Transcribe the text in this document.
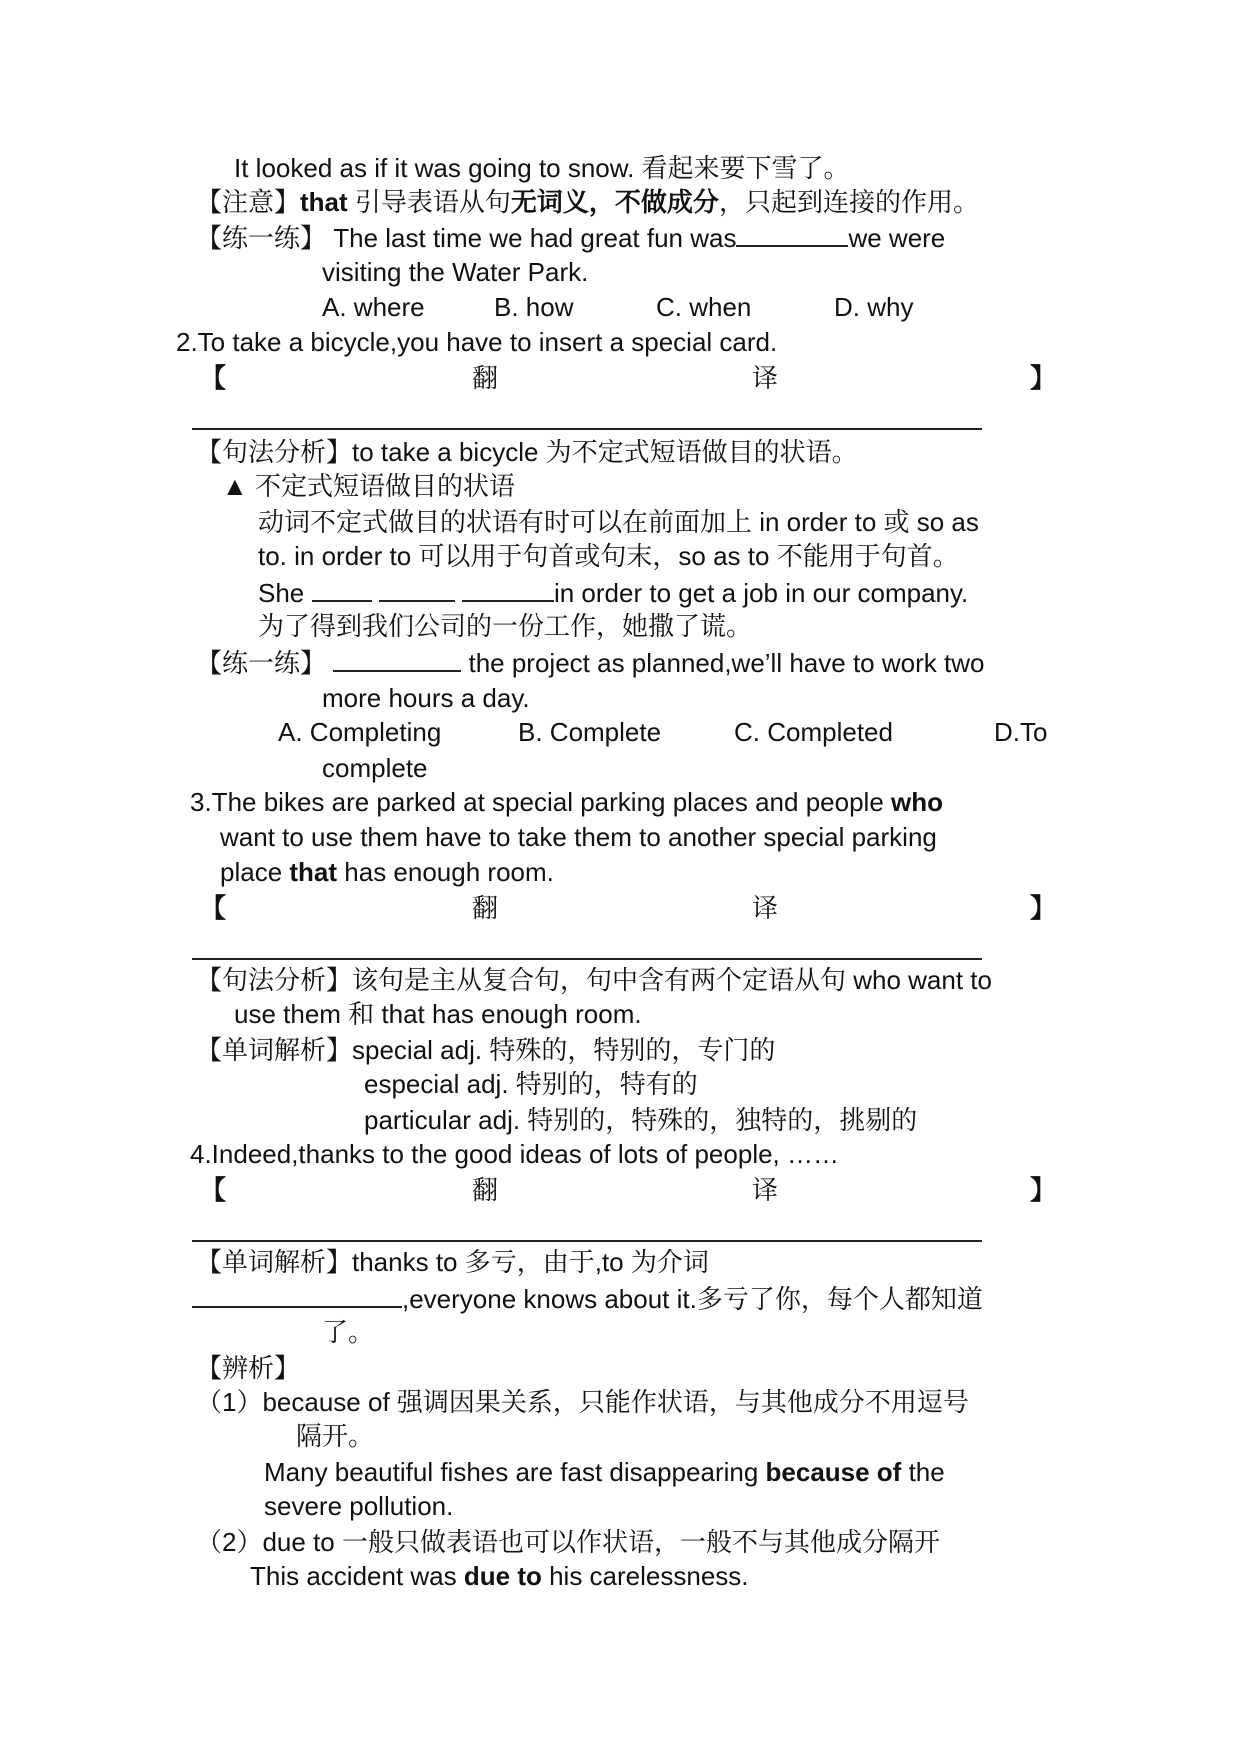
It looked as if it was going to snow. 看起来要下雪了。
【注意】that 引导表语从句无词义，不做成分，只起到连接的作用。
【练一练】 The last time we had great fun was	we were
visiting the Water Park.
A. where	B. how	C. when	D. why
2.To take a bicycle,you have to insert a special card.
【	翻	译	】
【句法分析】to take a bicycle 为不定式短语做目的状语。
▲ 不定式短语做目的状语
动词不定式做目的状语有时可以在前面加上 in order to 或 so as
to. in order to 可以用于句首或句末，so as to 不能用于句首。
She	in order to get a job in our company.
为了得到我们公司的一份工作，她撒了谎。
【练一练】	the project as planned,we’ll have to work two
more hours a day.
A. Completing	B. Complete	C. Completed	D.To
complete
3.The bikes are parked at special parking places and people who
want to use them have to take them to another special parking
place that has enough room.
【	翻	译	】
【句法分析】该句是主从复合句，句中含有两个定语从句 who want to
use them 和 that has enough room.
【单词解析】special adj. 特殊的，特别的，专门的
especial adj. 特别的，特有的
particular adj. 特别的，特殊的，独特的，挑剔的
4.Indeed,thanks to the good ideas of lots of people, ……
【	翻	译	】
【单词解析】thanks to 多亏，由于,to 为介词
,everyone knows about it.多亏了你，每个人都知道
了。
【辨析】
（1）because of 强调因果关系，只能作状语，与其他成分不用逗号
隔开。
Many beautiful fishes are fast disappearing because of the
severe pollution.
（2）due to 一般只做表语也可以作状语，一般不与其他成分隔开
This accident was due to his carelessness.
